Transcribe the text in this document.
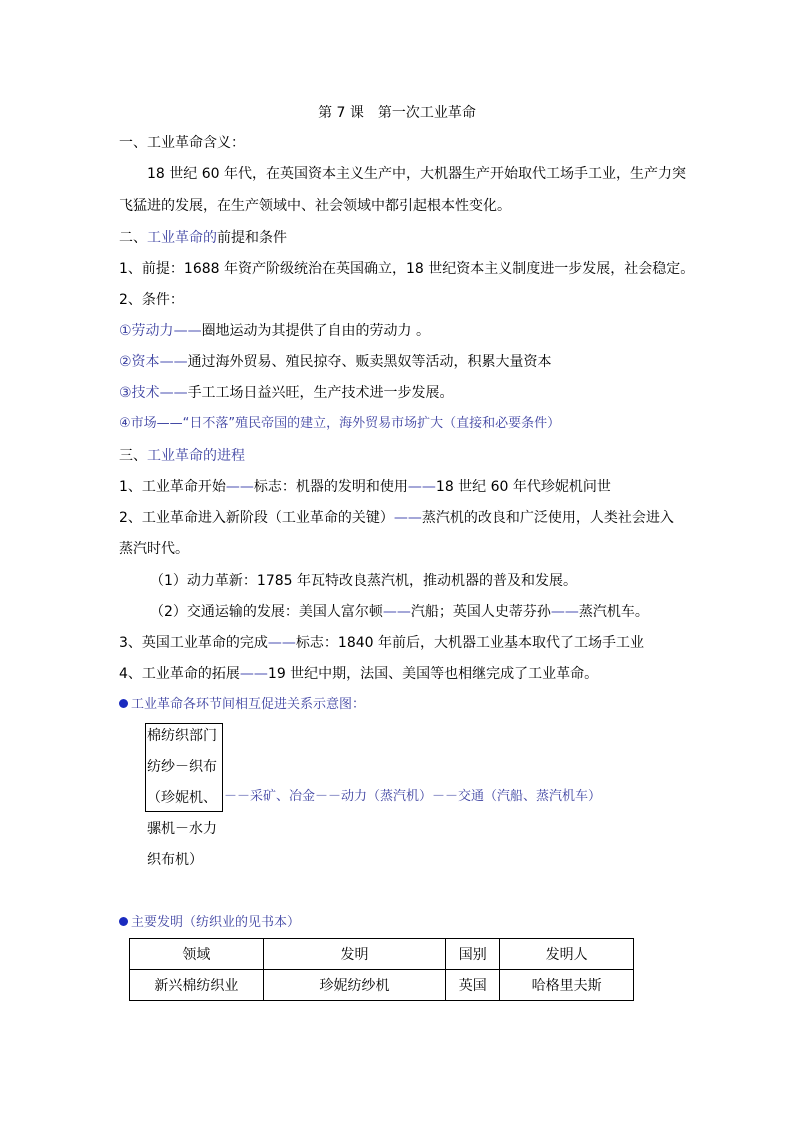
第 7 课　第一次工业革命
一、工业革命含义：
18 世纪 60 年代，在英国资本主义生产中，大机器生产开始取代工场手工业，生产力突
飞猛进的发展，在生产领域中、社会领域中都引起根本性变化。
二、工业革命的前提和条件
1、前提：1688 年资产阶级统治在英国确立，18 世纪资本主义制度进一步发展，社会稳定。
2、条件：
①劳动力——圈地运动为其提供了自由的劳动力 。
②资本——通过海外贸易、殖民掠夺、贩卖黑奴等活动，积累大量资本
③技术——手工工场日益兴旺，生产技术进一步发展。
④市场——“日不落”殖民帝国的建立，海外贸易市场扩大（直接和必要条件）
三、工业革命的进程
1、工业革命开始——标志：机器的发明和使用——18 世纪 60 年代珍妮机问世
2、工业革命进入新阶段（工业革命的关键）——蒸汽机的改良和广泛使用，人类社会进入
蒸汽时代。
（1）动力革新：1785 年瓦特改良蒸汽机，推动机器的普及和发展。
（2）交通运输的发展：美国人富尔顿——汽船；英国人史蒂芬孙——蒸汽机车。
3、英国工业革命的完成——标志：1840 年前后，大机器工业基本取代了工场手工业
4、工业革命的拓展——19 世纪中期，法国、美国等也相继完成了工业革命。
工业革命各环节间相互促进关系示意图：
棉纺织部门
纺纱－织布
（珍妮机、
骡机－水力
织布机）
－－采矿、冶金－－动力（蒸汽机）－－交通（汽船、蒸汽机车）
主要发明（纺织业的见书本）
领域	发明	国别	发明人
新兴棉纺织业	珍妮纺纱机	英国	哈格里夫斯
